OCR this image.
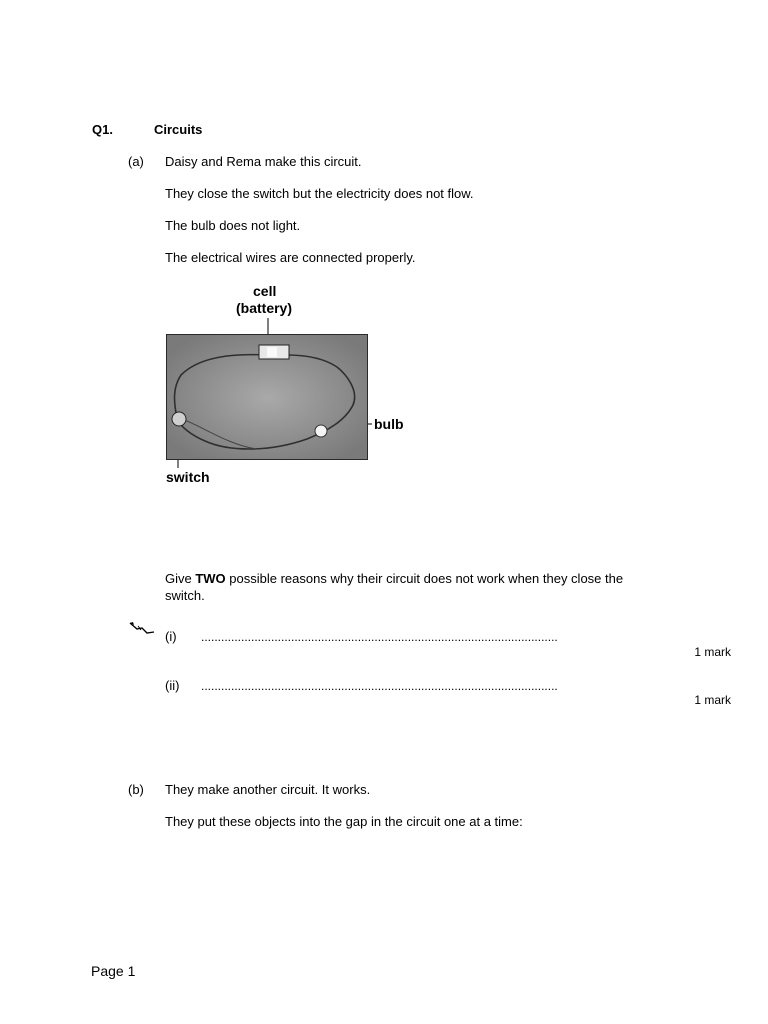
Q1.	Circuits
(a) Daisy and Rema make this circuit.
They close the switch but the electricity does not flow.
The bulb does not light.
The electrical wires are connected properly.
cell
(battery)
bulb
switch
Give TWO possible reasons why their circuit does not work when they close the
switch.
(i) ...........................................................................................................
1 mark
(ii) ...........................................................................................................
1 mark
(b) They make another circuit. It works.
They put these objects into the gap in the circuit one at a time:
Page 1
